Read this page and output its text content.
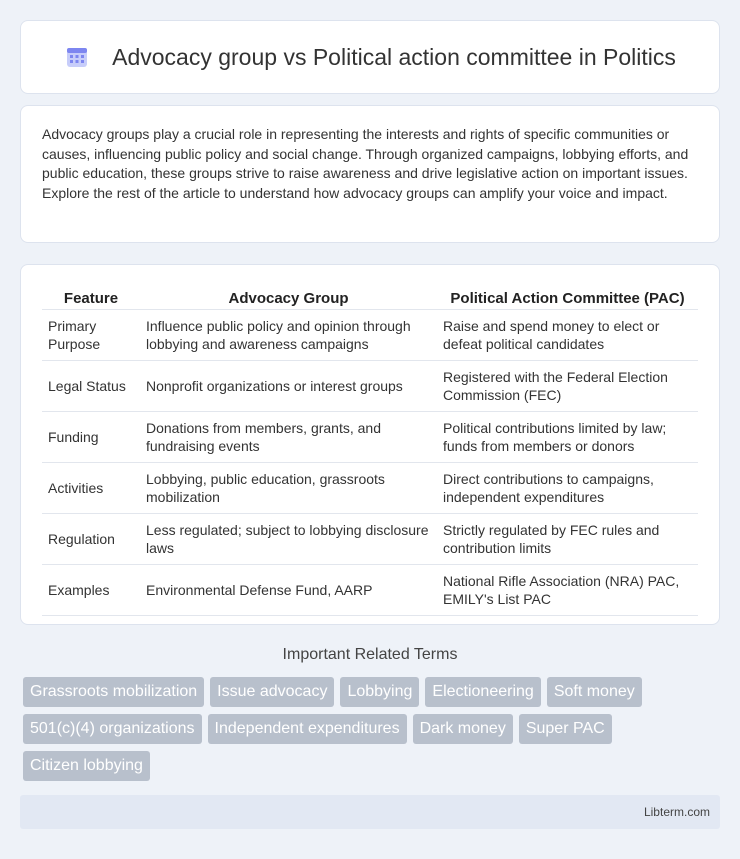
Advocacy group vs Political action committee in Politics

Advocacy groups play a crucial role in representing the interests and rights of specific communities or causes, influencing public policy and social change. Through organized campaigns, lobbying efforts, and public education, these groups strive to raise awareness and drive legislative action on important issues. Explore the rest of the article to understand how advocacy groups can amplify your voice and impact.

Feature	Advocacy Group	Political Action Committee (PAC)
Primary Purpose	Influence public policy and opinion through lobbying and awareness campaigns	Raise and spend money to elect or defeat political candidates
Legal Status	Nonprofit organizations or interest groups	Registered with the Federal Election Commission (FEC)
Funding	Donations from members, grants, and fundraising events	Political contributions limited by law; funds from members or donors
Activities	Lobbying, public education, grassroots mobilization	Direct contributions to campaigns, independent expenditures
Regulation	Less regulated; subject to lobbying disclosure laws	Strictly regulated by FEC rules and contribution limits
Examples	Environmental Defense Fund, AARP	National Rifle Association (NRA) PAC, EMILY's List PAC
Important Related Terms
Grassroots mobilization	Issue advocacy	Lobbying	Electioneering	Soft money
501(c)(4) organizations	Independent expenditures	Dark money	Super PAC
Citizen lobbying
Libterm.com
